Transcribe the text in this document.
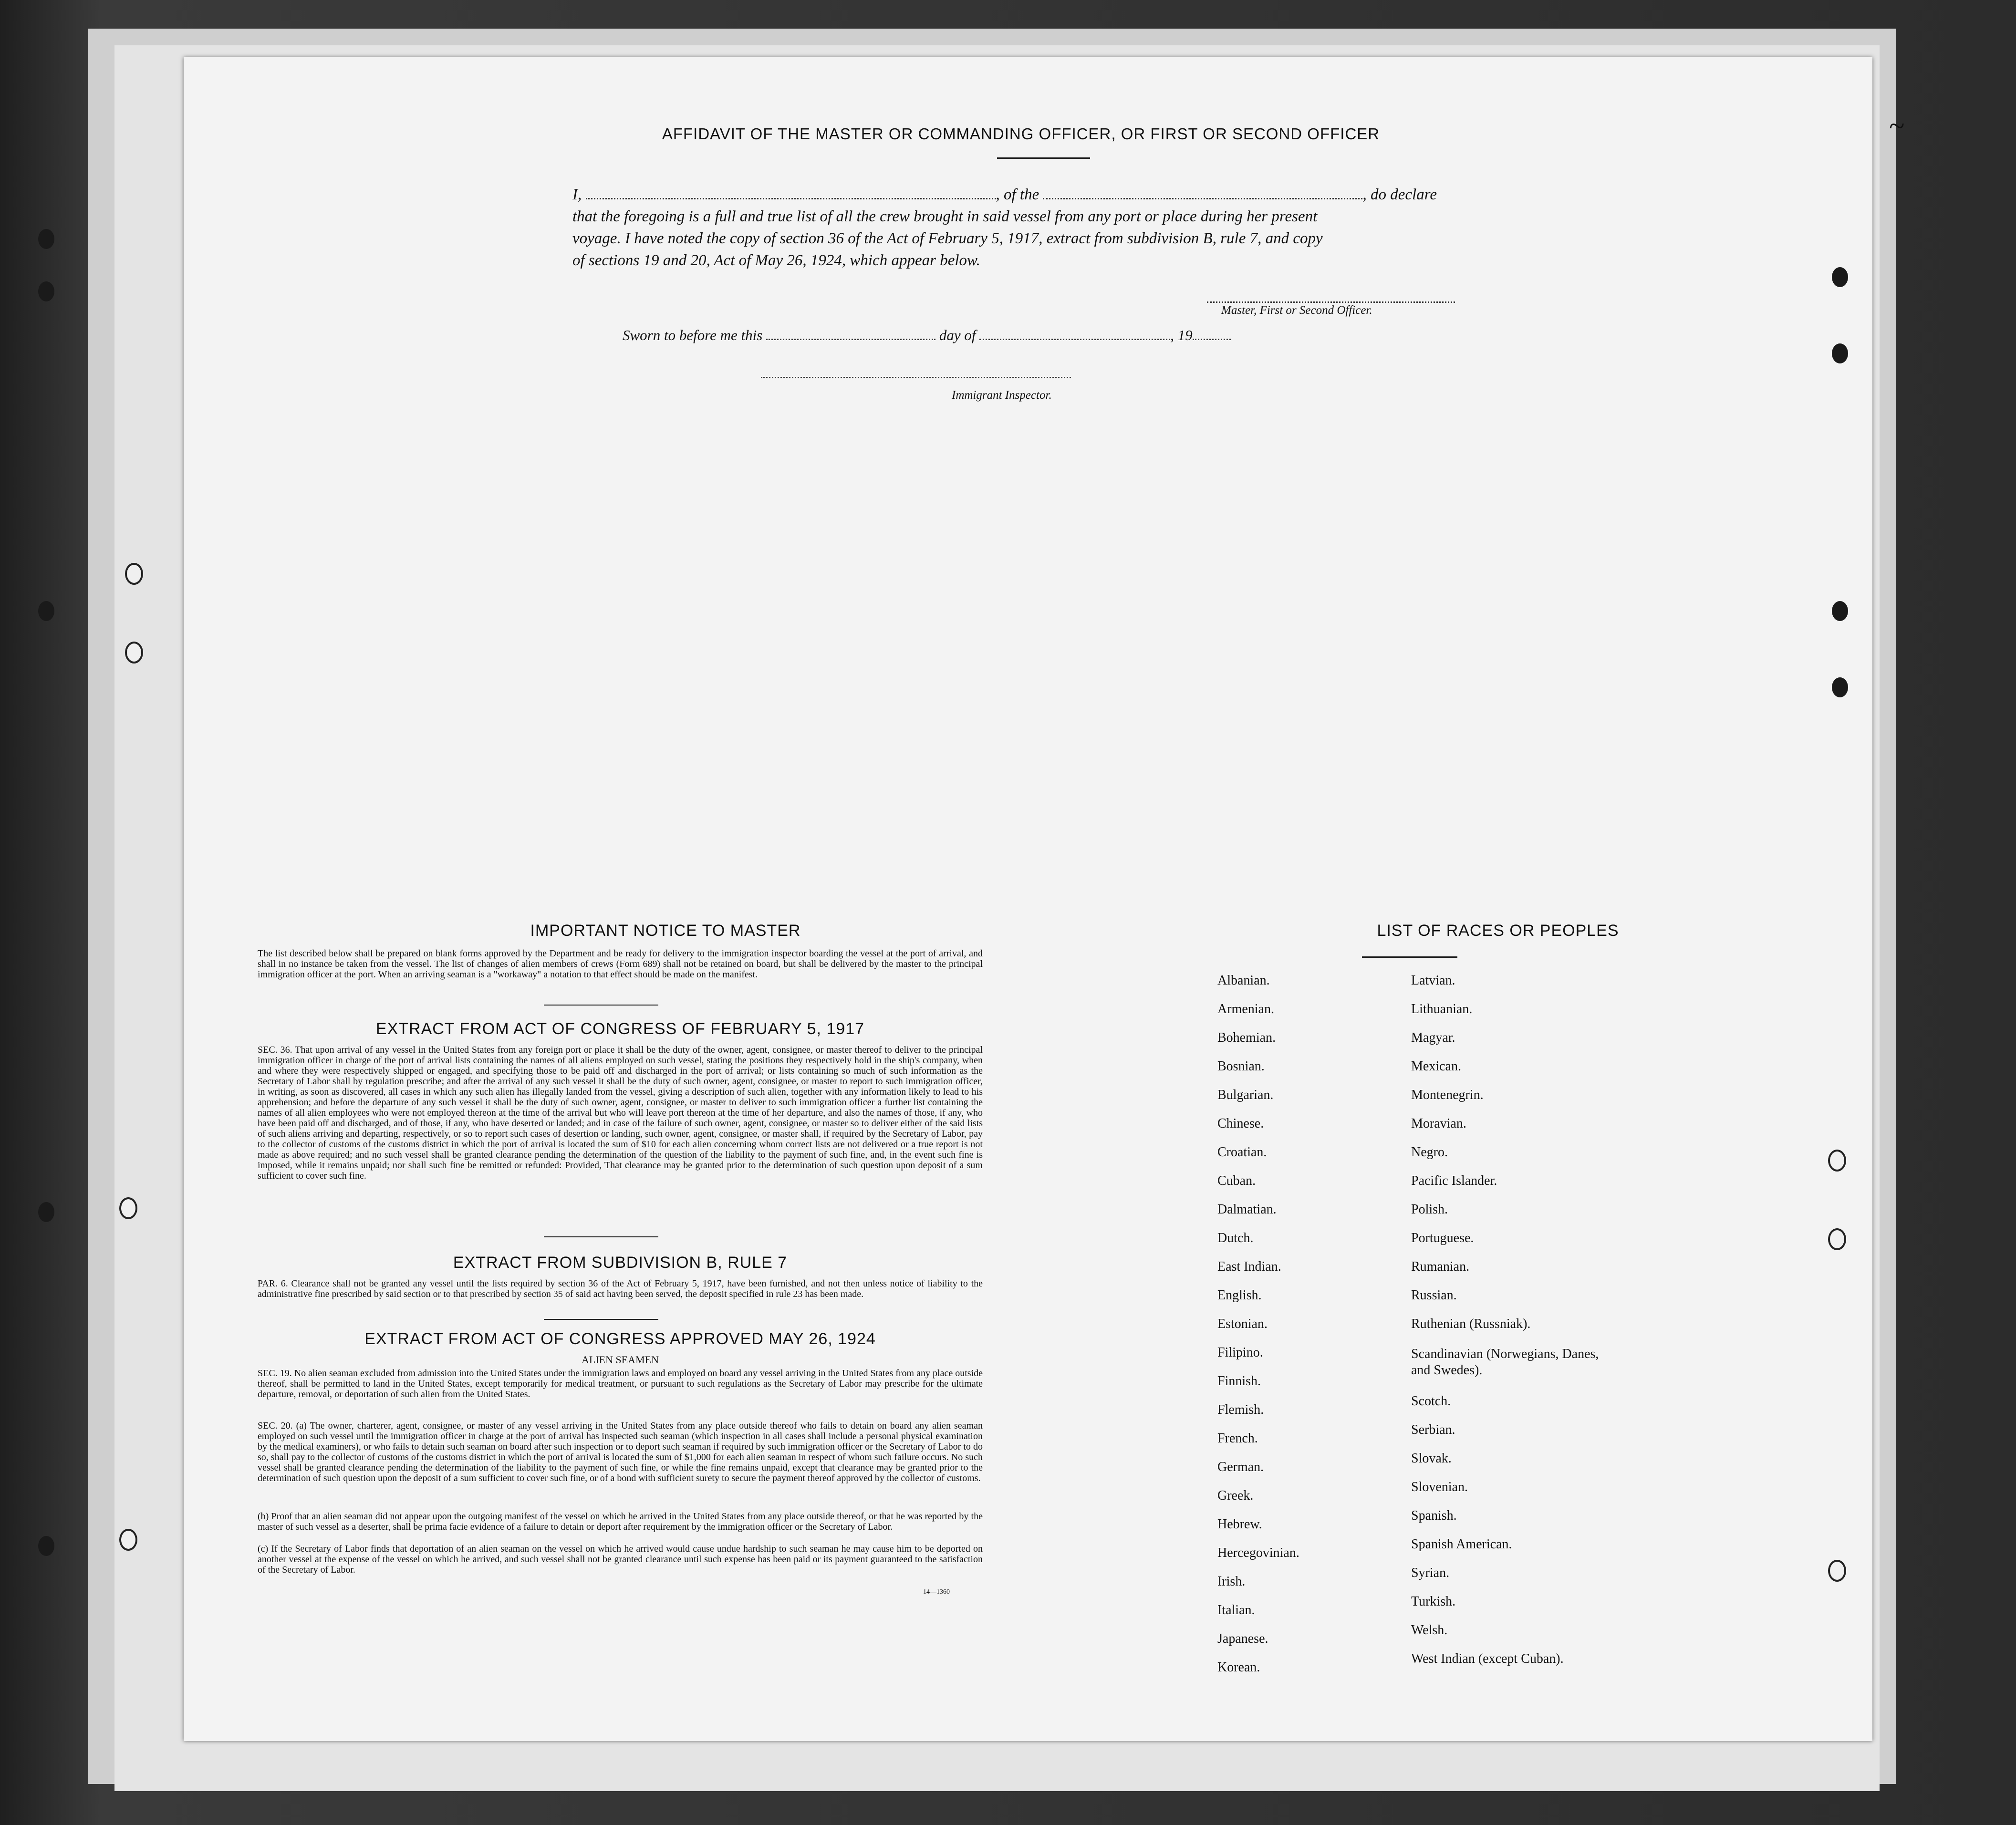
~
AFFIDAVIT OF THE MASTER OR COMMANDING OFFICER, OR FIRST OR SECOND OFFICER
I,	, of the	, do declare
that the foregoing is a full and true list of all the crew brought in said vessel from any port or place during her present
voyage. I have noted the copy of section 36 of the Act of February 5, 1917, extract from subdivision B, rule 7, and copy
of sections 19 and 20, Act of May 26, 1924, which appear below.
Master, First or Second Officer.
Sworn to before me this	day of	, 19
Immigrant Inspector.
IMPORTANT NOTICE TO MASTER
The list described below shall be prepared on blank forms approved by the Department and be ready for delivery to the immigration inspector boarding the vessel at the port of arrival, and shall in no instance be taken from the vessel. The list of changes of alien members of crews (Form 689) shall not be retained on board, but shall be delivered by the master to the principal immigration officer at the port. When an arriving seaman is a "workaway" a notation to that effect should be made on the manifest.
EXTRACT FROM ACT OF CONGRESS OF FEBRUARY 5, 1917
SEC. 36. That upon arrival of any vessel in the United States from any foreign port or place it shall be the duty of the owner, agent, consignee, or master thereof to deliver to the principal immigration officer in charge of the port of arrival lists containing the names of all aliens employed on such vessel, stating the positions they respectively hold in the ship's company, when and where they were respectively shipped or engaged, and specifying those to be paid off and discharged in the port of arrival; or lists containing so much of such information as the Secretary of Labor shall by regulation prescribe; and after the arrival of any such vessel it shall be the duty of such owner, agent, consignee, or master to report to such immigration officer, in writing, as soon as discovered, all cases in which any such alien has illegally landed from the vessel, giving a description of such alien, together with any information likely to lead to his apprehension; and before the departure of any such vessel it shall be the duty of such owner, agent, consignee, or master to deliver to such immigration officer a further list containing the names of all alien employees who were not employed thereon at the time of the arrival but who will leave port thereon at the time of her departure, and also the names of those, if any, who have been paid off and discharged, and of those, if any, who have deserted or landed; and in case of the failure of such owner, agent, consignee, or master so to deliver either of the said lists of such aliens arriving and departing, respectively, or so to report such cases of desertion or landing, such owner, agent, consignee, or master shall, if required by the Secretary of Labor, pay to the collector of customs of the customs district in which the port of arrival is located the sum of $10 for each alien concerning whom correct lists are not delivered or a true report is not made as above required; and no such vessel shall be granted clearance pending the determination of the question of the liability to the payment of such fine, and, in the event such fine is imposed, while it remains unpaid; nor shall such fine be remitted or refunded: Provided, That clearance may be granted prior to the determination of such question upon deposit of a sum sufficient to cover such fine.
EXTRACT FROM SUBDIVISION B, RULE 7
PAR. 6. Clearance shall not be granted any vessel until the lists required by section 36 of the Act of February 5, 1917, have been furnished, and not then unless notice of liability to the administrative fine prescribed by said section or to that prescribed by section 35 of said act having been served, the deposit specified in rule 23 has been made.
EXTRACT FROM ACT OF CONGRESS APPROVED MAY 26, 1924
ALIEN SEAMEN
SEC. 19. No alien seaman excluded from admission into the United States under the immigration laws and employed on board any vessel arriving in the United States from any place outside thereof, shall be permitted to land in the United States, except temporarily for medical treatment, or pursuant to such regulations as the Secretary of Labor may prescribe for the ultimate departure, removal, or deportation of such alien from the United States.
SEC. 20. (a) The owner, charterer, agent, consignee, or master of any vessel arriving in the United States from any place outside thereof who fails to detain on board any alien seaman employed on such vessel until the immigration officer in charge at the port of arrival has inspected such seaman (which inspection in all cases shall include a personal physical examination by the medical examiners), or who fails to detain such seaman on board after such inspection or to deport such seaman if required by such immigration officer or the Secretary of Labor to do so, shall pay to the collector of customs of the customs district in which the port of arrival is located the sum of $1,000 for each alien seaman in respect of whom such failure occurs. No such vessel shall be granted clearance pending the determination of the liability to the payment of such fine, or while the fine remains unpaid, except that clearance may be granted prior to the determination of such question upon the deposit of a sum sufficient to cover such fine, or of a bond with sufficient surety to secure the payment thereof approved by the collector of customs.
(b) Proof that an alien seaman did not appear upon the outgoing manifest of the vessel on which he arrived in the United States from any place outside thereof, or that he was reported by the master of such vessel as a deserter, shall be prima facie evidence of a failure to detain or deport after requirement by the immigration officer or the Secretary of Labor.
(c) If the Secretary of Labor finds that deportation of an alien seaman on the vessel on which he arrived would cause undue hardship to such seaman he may cause him to be deported on another vessel at the expense of the vessel on which he arrived, and such vessel shall not be granted clearance until such expense has been paid or its payment guaranteed to the satisfaction of the Secretary of Labor.
14—1360
LIST OF RACES OR PEOPLES
Albanian.
Armenian.
Bohemian.
Bosnian.
Bulgarian.
Chinese.
Croatian.
Cuban.
Dalmatian.
Dutch.
East Indian.
English.
Estonian.
Filipino.
Finnish.
Flemish.
French.
German.
Greek.
Hebrew.
Hercegovinian.
Irish.
Italian.
Japanese.
Korean.
Latvian.
Lithuanian.
Magyar.
Mexican.
Montenegrin.
Moravian.
Negro.
Pacific Islander.
Polish.
Portuguese.
Rumanian.
Russian.
Ruthenian (Russniak).
Scandinavian (Norwegians, Danes, and Swedes).
Scotch.
Serbian.
Slovak.
Slovenian.
Spanish.
Spanish American.
Syrian.
Turkish.
Welsh.
West Indian (except Cuban).
